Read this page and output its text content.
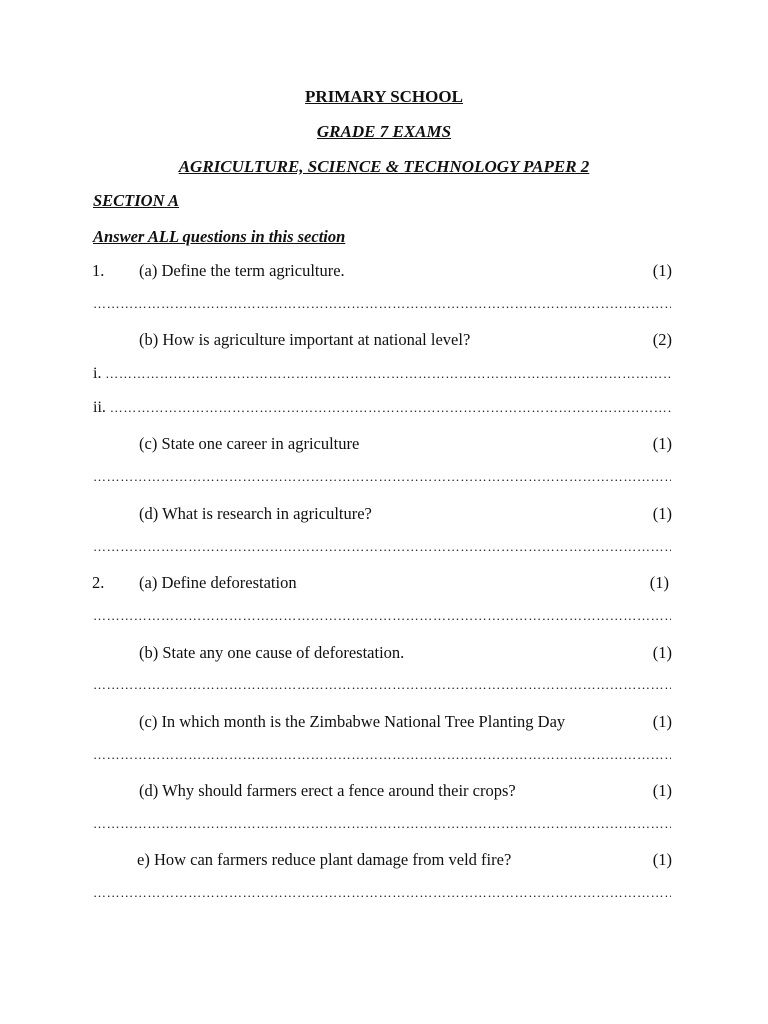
PRIMARY SCHOOL
GRADE 7 EXAMS
AGRICULTURE, SCIENCE & TECHNOLOGY PAPER 2
SECTION A
Answer ALL questions in this section
1. (a) Define the term agriculture.	(1)
……………………………………………………………………………………………………………………………………
(b) How is agriculture important at national level?	(2)
i. ……………………………………………………………………………………………………………………………
ii. ……………………………………………………………………………………………………………………………
(c) State one career in agriculture	(1)
……………………………………………………………………………………………………………………………………
(d) What is research in agriculture?	(1)
……………………………………………………………………………………………………………………………………
2. (a) Define deforestation	(1)
……………………………………………………………………………………………………………………………………
(b) State any one cause of deforestation.	(1)
……………………………………………………………………………………………………………………………………
(c) In which month is the Zimbabwe National Tree Planting Day	(1)
……………………………………………………………………………………………………………………………………
(d) Why should farmers erect a fence around their crops?	(1)
……………………………………………………………………………………………………………………………………
e) How can farmers reduce plant damage from veld fire?	(1)
……………………………………………………………………………………………………………………………………
